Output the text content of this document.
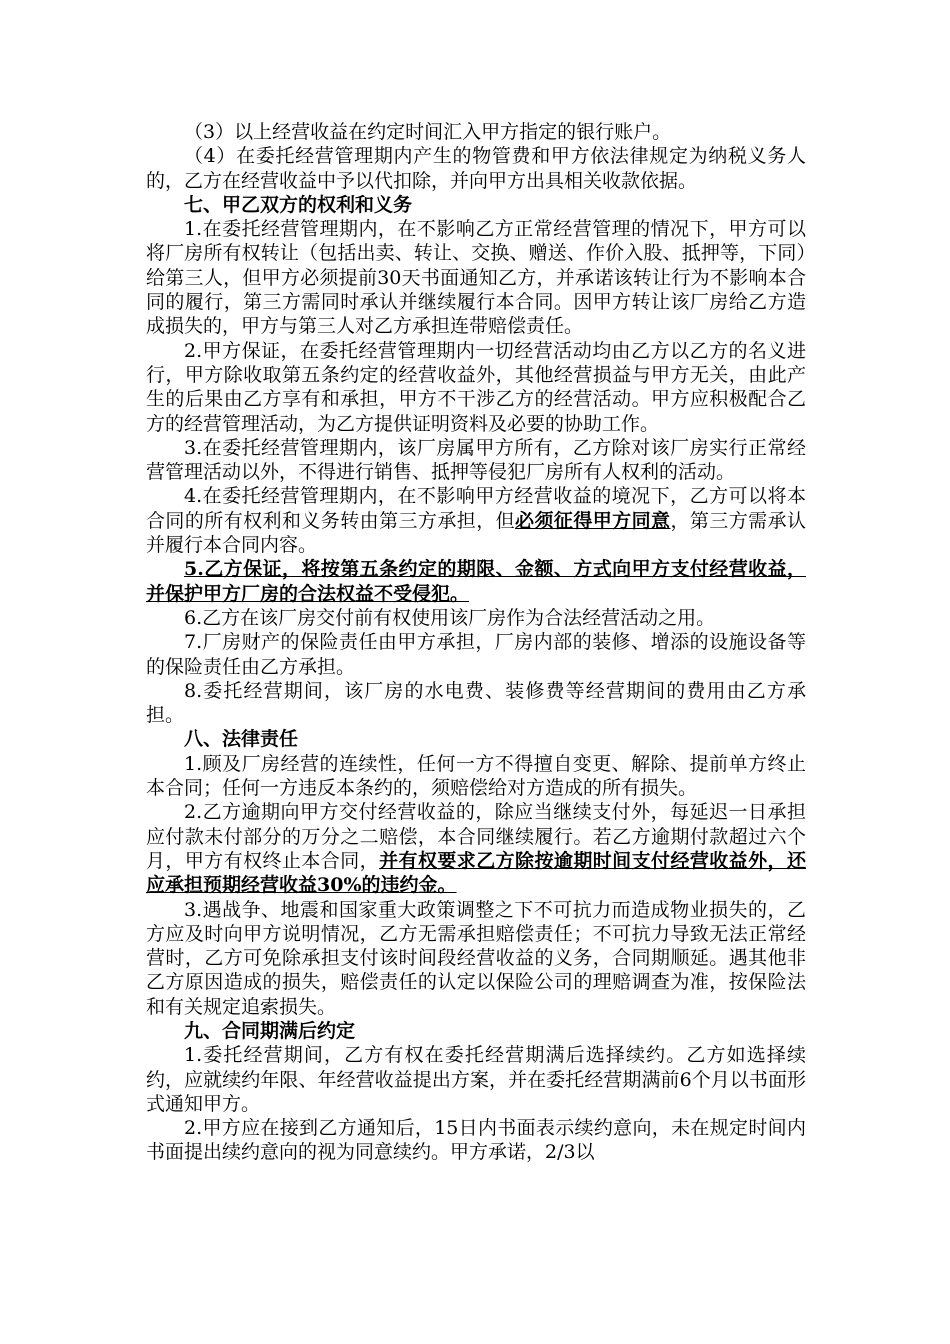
（3）以上经营收益在约定时间汇入甲方指定的银行账户。

（4）在委托经营管理期内产生的物管费和甲方依法律规定为纳税义务人的，乙方在经营收益中予以代扣除，并向甲方出具相关收款依据。

七、甲乙双方的权利和义务

1.在委托经营管理期内，在不影响乙方正常经营管理的情况下，甲方可以将厂房所有权转让（包括出卖、转让、交换、赠送、作价入股、抵押等，下同）给第三人，但甲方必须提前30天书面通知乙方，并承诺该转让行为不影响本合同的履行，第三方需同时承认并继续履行本合同。因甲方转让该厂房给乙方造成损失的，甲方与第三人对乙方承担连带赔偿责任。

2.甲方保证，在委托经营管理期内一切经营活动均由乙方以乙方的名义进行，甲方除收取第五条约定的经营收益外，其他经营损益与甲方无关，由此产生的后果由乙方享有和承担，甲方不干涉乙方的经营活动。甲方应积极配合乙方的经营管理活动，为乙方提供证明资料及必要的协助工作。

3.在委托经营管理期内，该厂房属甲方所有，乙方除对该厂房实行正常经营管理活动以外，不得进行销售、抵押等侵犯厂房所有人权利的活动。

4.在委托经营管理期内，在不影响甲方经营收益的境况下，乙方可以将本合同的所有权利和义务转由第三方承担，但必须征得甲方同意，第三方需承认并履行本合同内容。

5.乙方保证，将按第五条约定的期限、金额、方式向甲方支付经营收益，并保护甲方厂房的合法权益不受侵犯。

6.乙方在该厂房交付前有权使用该厂房作为合法经营活动之用。

7.厂房财产的保险责任由甲方承担，厂房内部的装修、增添的设施设备等的保险责任由乙方承担。

8.委托经营期间，该厂房的水电费、装修费等经营期间的费用由乙方承担。

八、法律责任

1.顾及厂房经营的连续性，任何一方不得擅自变更、解除、提前单方终止本合同；任何一方违反本条约的，须赔偿给对方造成的所有损失。

2.乙方逾期向甲方交付经营收益的，除应当继续支付外，每延迟一日承担应付款未付部分的万分之二赔偿，本合同继续履行。若乙方逾期付款超过六个月，甲方有权终止本合同，并有权要求乙方除按逾期时间支付经营收益外，还应承担预期经营收益30%的违约金。

3.遇战争、地震和国家重大政策调整之下不可抗力而造成物业损失的，乙方应及时向甲方说明情况，乙方无需承担赔偿责任；不可抗力导致无法正常经营时，乙方可免除承担支付该时间段经营收益的义务，合同期顺延。遇其他非乙方原因造成的损失，赔偿责任的认定以保险公司的理赔调查为准，按保险法和有关规定追索损失。

九、合同期满后约定

1.委托经营期间，乙方有权在委托经营期满后选择续约。乙方如选择续约，应就续约年限、年经营收益提出方案，并在委托经营期满前6个月以书面形式通知甲方。

2.甲方应在接到乙方通知后，15日内书面表示续约意向，未在规定时间内书面提出续约意向的视为同意续约。甲方承诺，2/3以
